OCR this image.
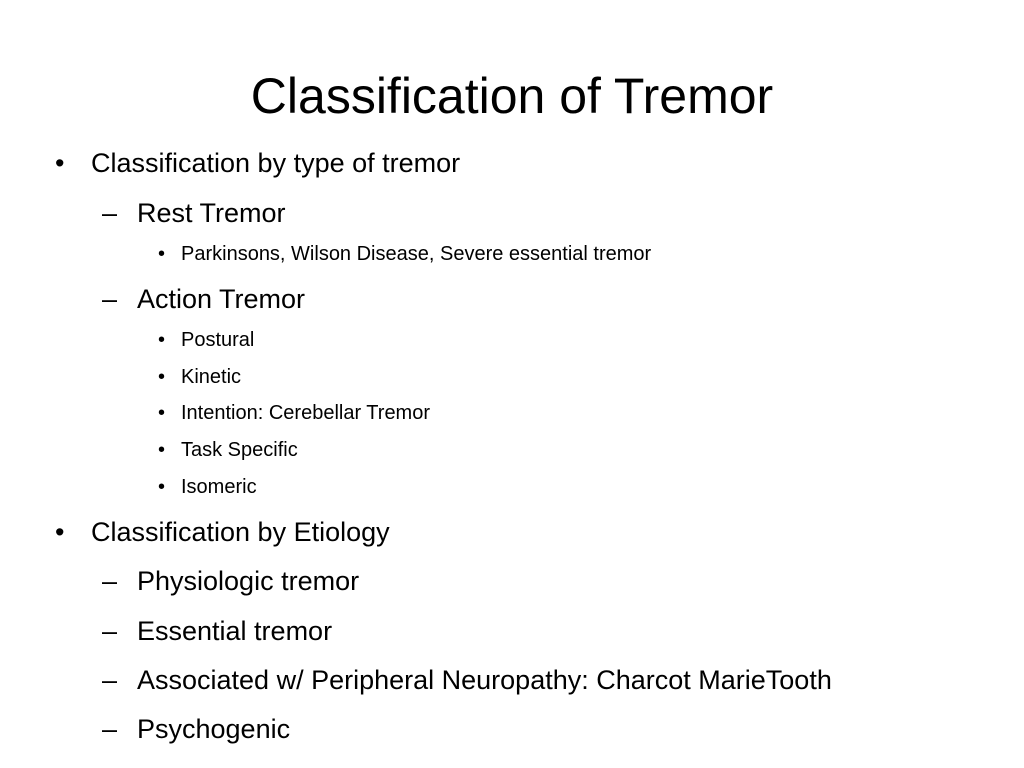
Classification of Tremor
• Classification by type of tremor
– Rest Tremor
• Parkinsons, Wilson Disease, Severe essential tremor
– Action Tremor
• Postural
• Kinetic
• Intention: Cerebellar Tremor
• Task Specific
• Isomeric
• Classification by Etiology
– Physiologic tremor
– Essential tremor
– Associated w/ Peripheral Neuropathy: Charcot MarieTooth
– Psychogenic
